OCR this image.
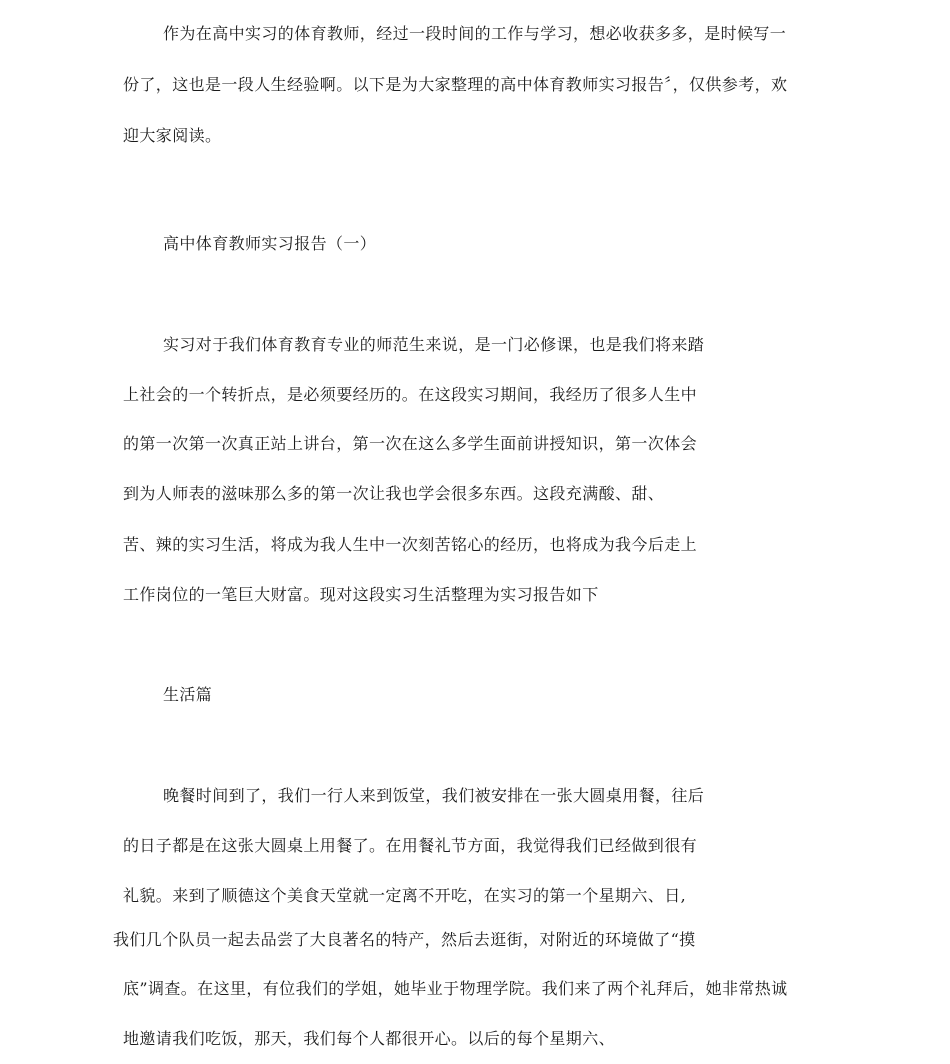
作为在高中实习的体育教师，经过一段时间的工作与学习，想必收获多多，是时候写一
份了，这也是一段人生经验啊。以下是为大家整理的高中体育教师实习报告〞，仅供参考，欢
迎大家阅读。
高中体育教师实习报告（一）
实习对于我们体育教育专业的师范生来说，是一门必修课，也是我们将来踏
上社会的一个转折点，是必须要经历的。在这段实习期间，我经历了很多人生中
的第一次第一次真正站上讲台，第一次在这么多学生面前讲授知识，第一次体会
到为人师表的滋味那么多的第一次让我也学会很多东西。这段充满酸、甜、
苦、辣的实习生活，将成为我人生中一次刻苦铭心的经历，也将成为我今后走上
工作岗位的一笔巨大财富。现对这段实习生活整理为实习报告如下
生活篇
晚餐时间到了，我们一行人来到饭堂，我们被安排在一张大圆桌用餐，往后
的日子都是在这张大圆桌上用餐了。在用餐礼节方面，我觉得我们已经做到很有
礼貌。来到了顺德这个美食天堂就一定离不开吃，在实习的第一个星期六、日,
我们几个队员一起去品尝了大良著名的特产，然后去逛街，对附近的环境做了“摸
底”调查。在这里，有位我们的学姐，她毕业于物理学院。我们来了两个礼拜后，她非常热诚
地邀请我们吃饭，那天，我们每个人都很开心。以后的每个星期六、
